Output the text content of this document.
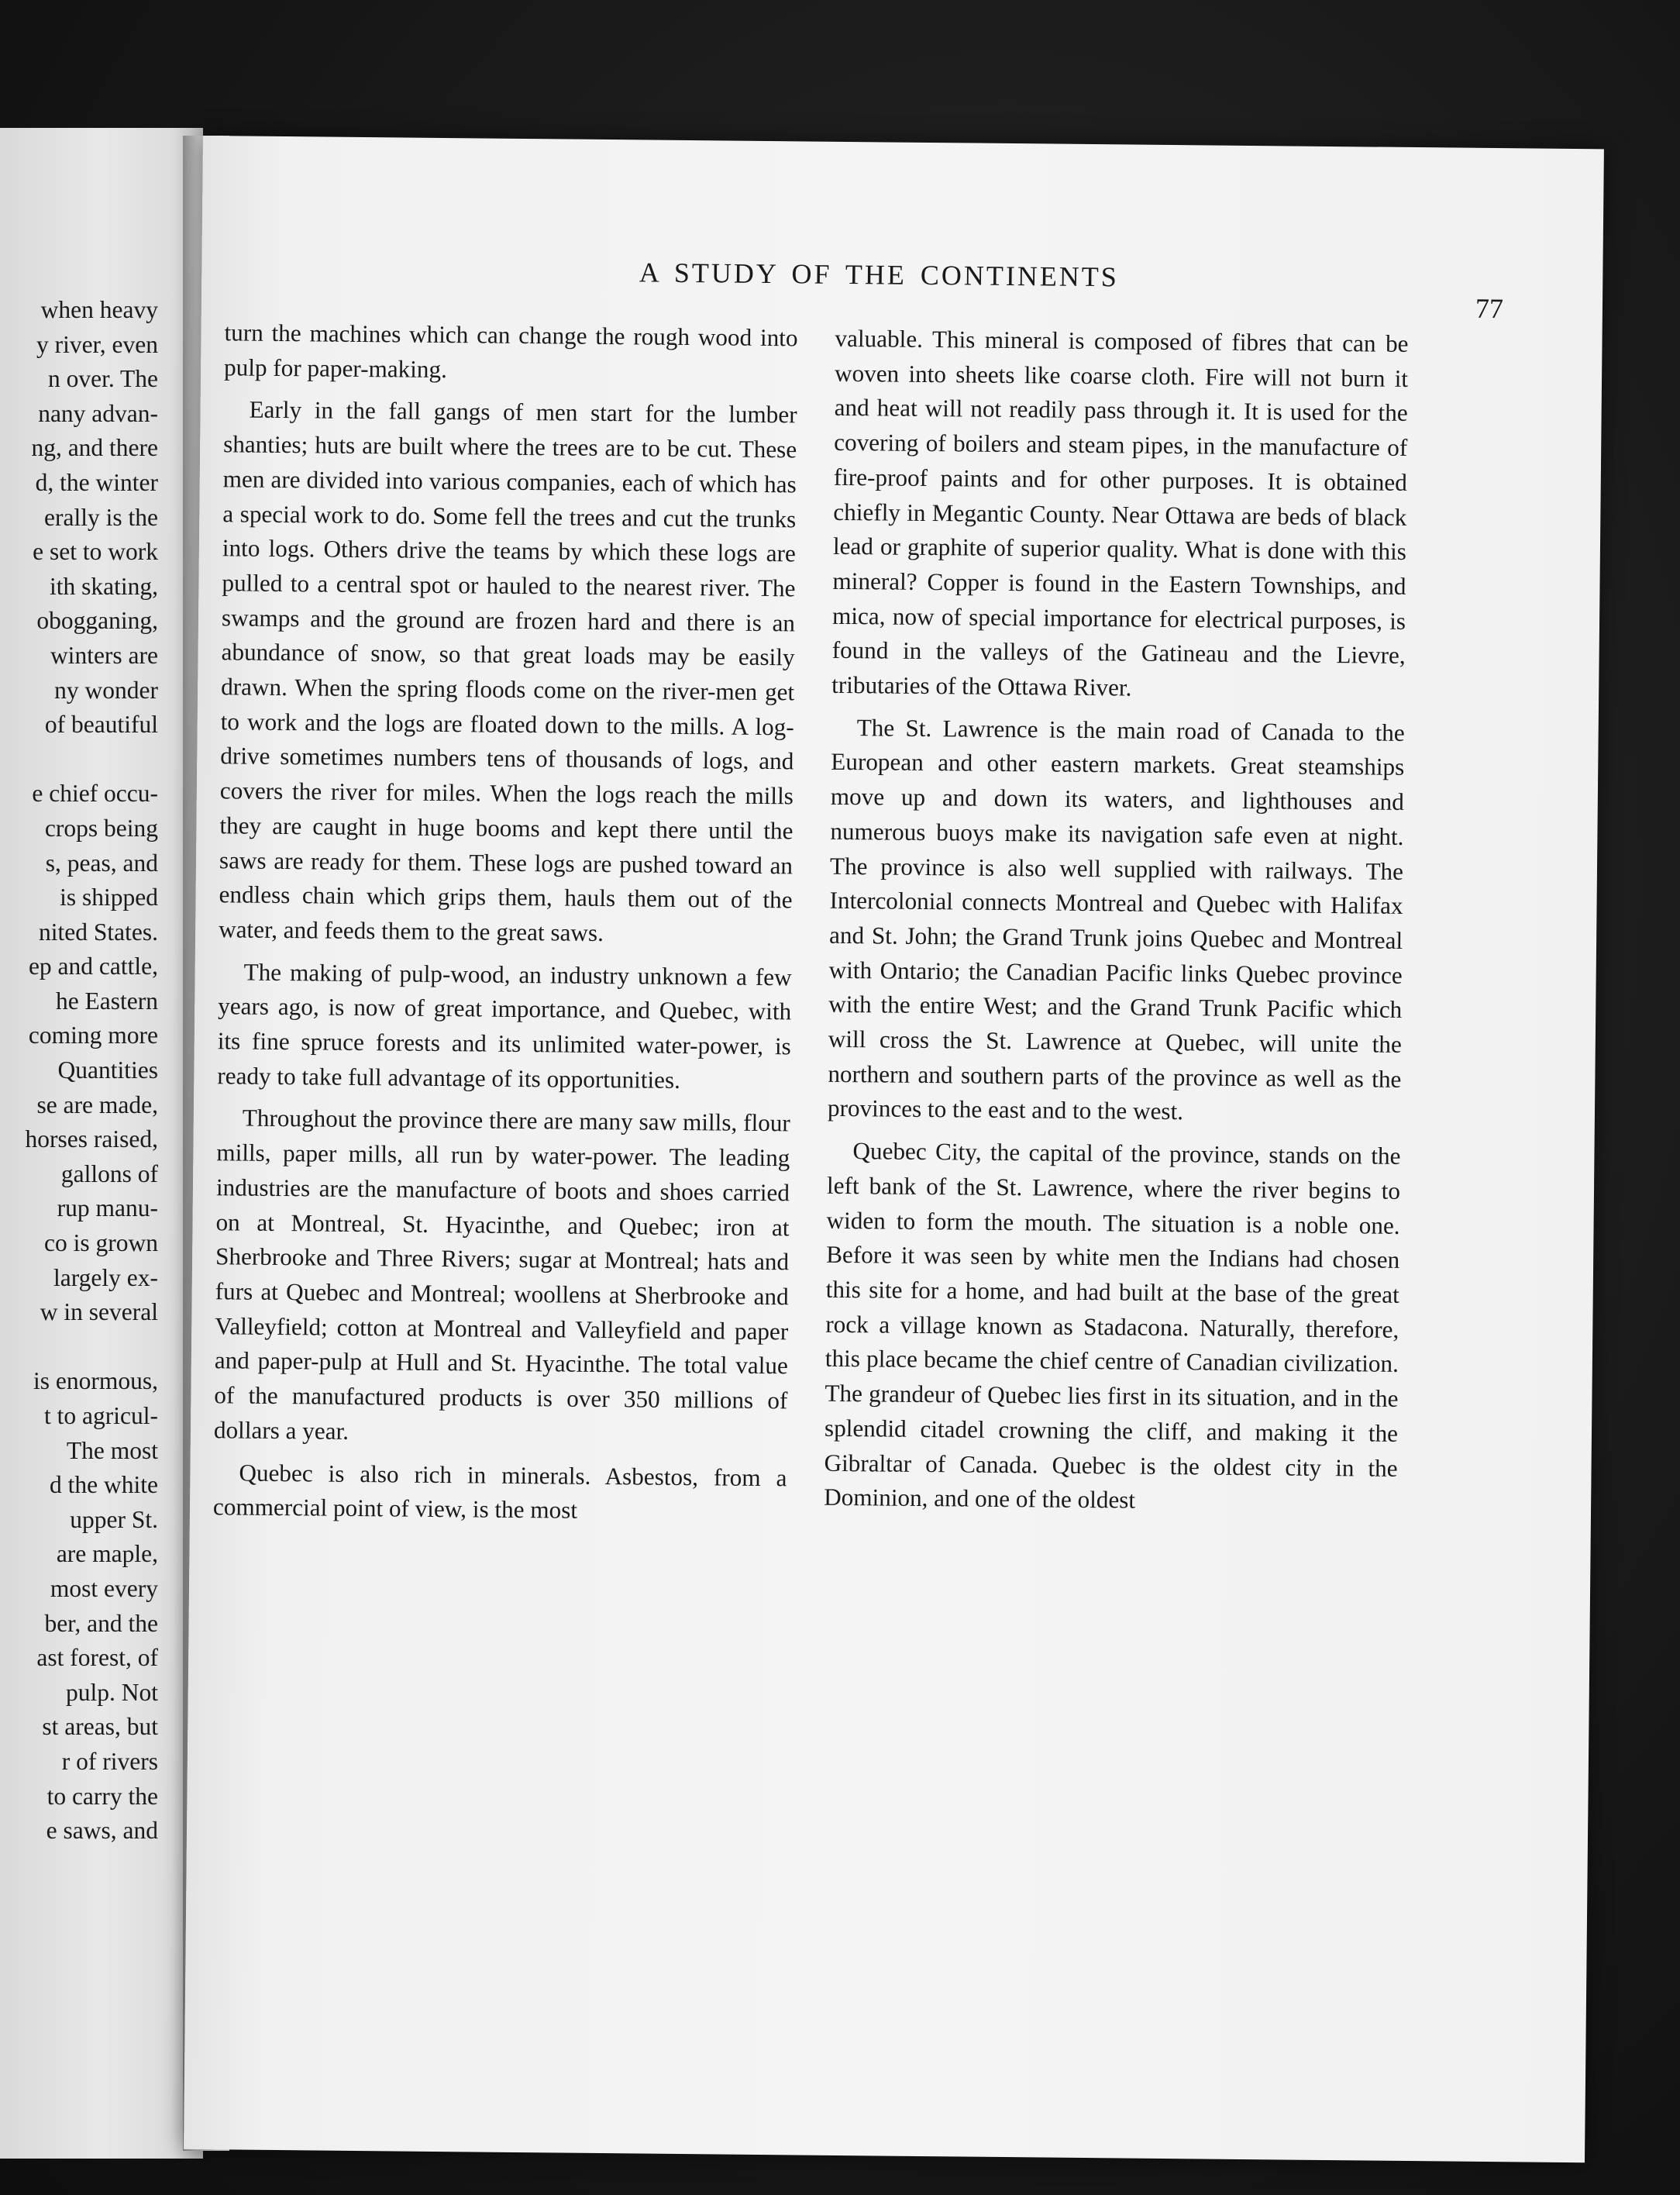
when heavy
y river, even
n over. The
nany advan-
ng, and there
d, the winter
erally is the
e set to work
ith skating,
obogganing,
winters are
ny wonder
of beautiful
e chief occu-
crops being
s, peas, and
is shipped
nited States.
ep and cattle,
he Eastern
coming more
Quantities
se are made,
horses raised,
gallons of
rup manu-
co is grown
largely ex-
w in several
is enormous,
t to agricul-
The most
d the white
upper St.
are maple,
most every
ber, and the
ast forest, of
pulp. Not
st areas, but
r of rivers
to carry the
e saws, and
A STUDY OF THE CONTINENTS
77

turn the machines which can change the rough wood into pulp for paper-making.

Early in the fall gangs of men start for the lumber shanties; huts are built where the trees are to be cut. These men are divided into various companies, each of which has a special work to do. Some fell the trees and cut the trunks into logs. Others drive the teams by which these logs are pulled to a central spot or hauled to the nearest river. The swamps and the ground are frozen hard and there is an abundance of snow, so that great loads may be easily drawn. When the spring floods come on the river-men get to work and the logs are floated down to the mills. A log-drive sometimes numbers tens of thousands of logs, and covers the river for miles. When the logs reach the mills they are caught in huge booms and kept there until the saws are ready for them. These logs are pushed toward an endless chain which grips them, hauls them out of the water, and feeds them to the great saws.

The making of pulp-wood, an industry unknown a few years ago, is now of great importance, and Quebec, with its fine spruce forests and its unlimited water-power, is ready to take full advantage of its opportunities.

Throughout the province there are many saw mills, flour mills, paper mills, all run by water-power. The leading industries are the manufacture of boots and shoes carried on at Montreal, St. Hyacinthe, and Quebec; iron at Sherbrooke and Three Rivers; sugar at Montreal; hats and furs at Quebec and Montreal; woollens at Sherbrooke and Valleyfield; cotton at Montreal and Valleyfield and paper and paper-pulp at Hull and St. Hyacinthe. The total value of the manufactured products is over 350 millions of dollars a year.

Quebec is also rich in minerals. Asbestos, from a commercial point of view, is the most

valuable. This mineral is composed of fibres that can be woven into sheets like coarse cloth. Fire will not burn it and heat will not readily pass through it. It is used for the covering of boilers and steam pipes, in the manufacture of fire-proof paints and for other purposes. It is obtained chiefly in Megantic County. Near Ottawa are beds of black lead or graphite of superior quality. What is done with this mineral? Copper is found in the Eastern Townships, and mica, now of special importance for electrical purposes, is found in the valleys of the Gatineau and the Lievre, tributaries of the Ottawa River.

The St. Lawrence is the main road of Canada to the European and other eastern markets. Great steamships move up and down its waters, and lighthouses and numerous buoys make its navigation safe even at night. The province is also well supplied with railways. The Intercolonial connects Montreal and Quebec with Halifax and St. John; the Grand Trunk joins Quebec and Montreal with Ontario; the Canadian Pacific links Quebec province with the entire West; and the Grand Trunk Pacific which will cross the St. Lawrence at Quebec, will unite the northern and southern parts of the province as well as the provinces to the east and to the west.

Quebec City, the capital of the province, stands on the left bank of the St. Lawrence, where the river begins to widen to form the mouth. The situation is a noble one. Before it was seen by white men the Indians had chosen this site for a home, and had built at the base of the great rock a village known as Stadacona. Naturally, therefore, this place became the chief centre of Canadian civilization. The grandeur of Quebec lies first in its situation, and in the splendid citadel crowning the cliff, and making it the Gibraltar of Canada. Quebec is the oldest city in the Dominion, and one of the oldest
